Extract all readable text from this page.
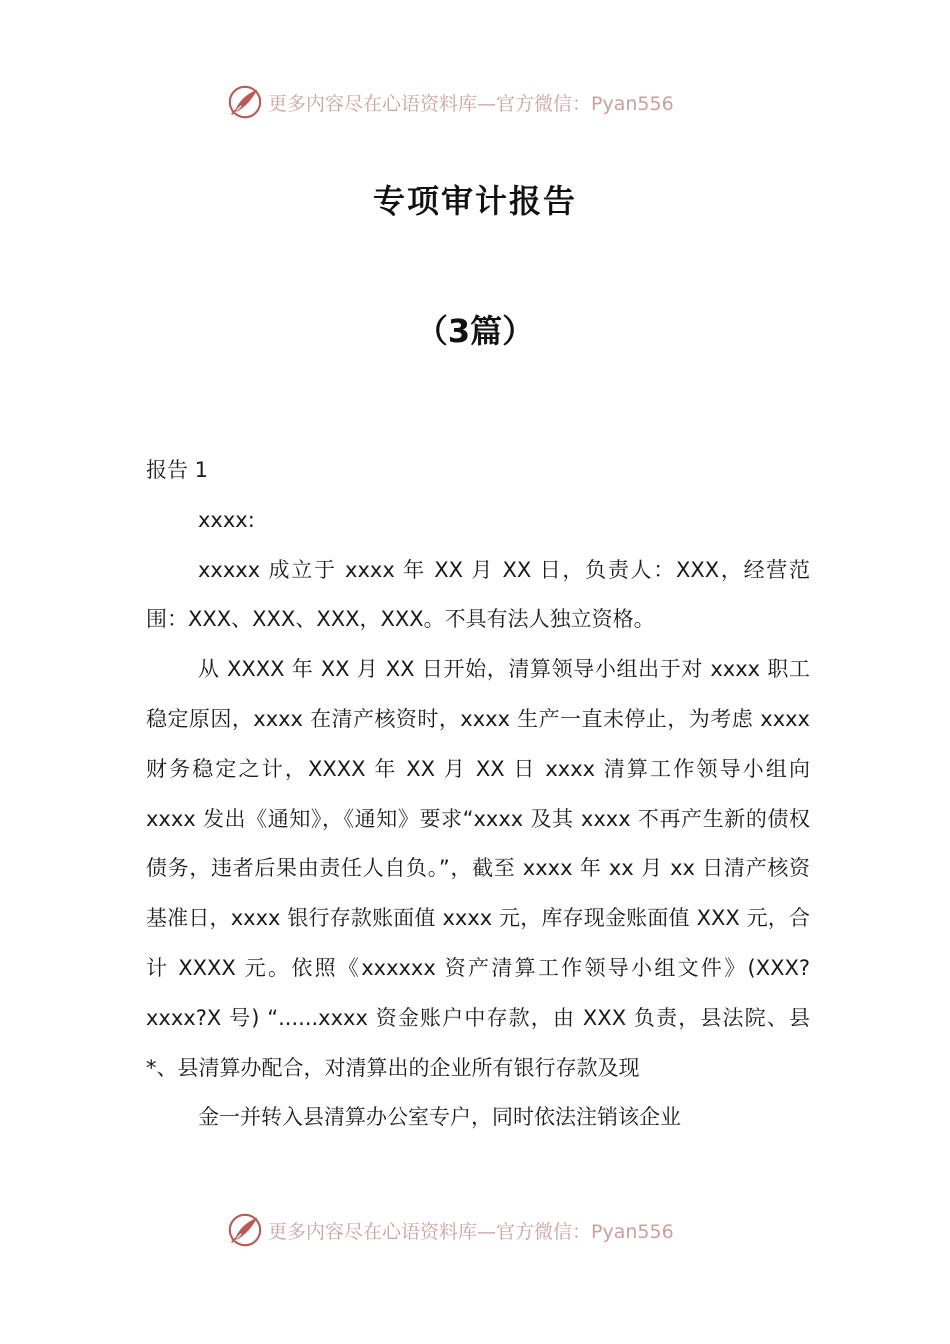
更多内容尽在心语资料库—官方微信：Pyan556
专项审计报告
（3篇）

报告 1

xxxx:

xxxxx 成立于 xxxx 年 XX 月 XX 日，负责人：XXX，经营范围：XXX、XXX、XXX，XXX。不具有法人独立资格。

从 XXXX 年 XX 月 XX 日开始，清算领导小组出于对 xxxx 职工稳定原因，xxxx 在清产核资时，xxxx 生产一直未停止，为考虑 xxxx 财务稳定之计，XXXX 年 XX 月 XX 日 xxxx 清算工作领导小组向 xxxx 发出《通知》，《通知》要求“xxxx 及其 xxxx 不再产生新的债权债务，违者后果由责任人自负。”，截至 xxxx 年 xx 月 xx 日清产核资基准日，xxxx 银行存款账面值 xxxx 元，库存现金账面值 XXX 元，合计 XXXX 元。依照《xxxxxx 资产清算工作领导小组文件》(XXX?xxxx?X 号) “......xxxx 资金账户中存款，由 XXX 负责，县法院、县*、县清算办配合，对清算出的企业所有银行存款及现

金一并转入县清算办公室专户，同时依法注销该企业

更多内容尽在心语资料库—官方微信：Pyan556
